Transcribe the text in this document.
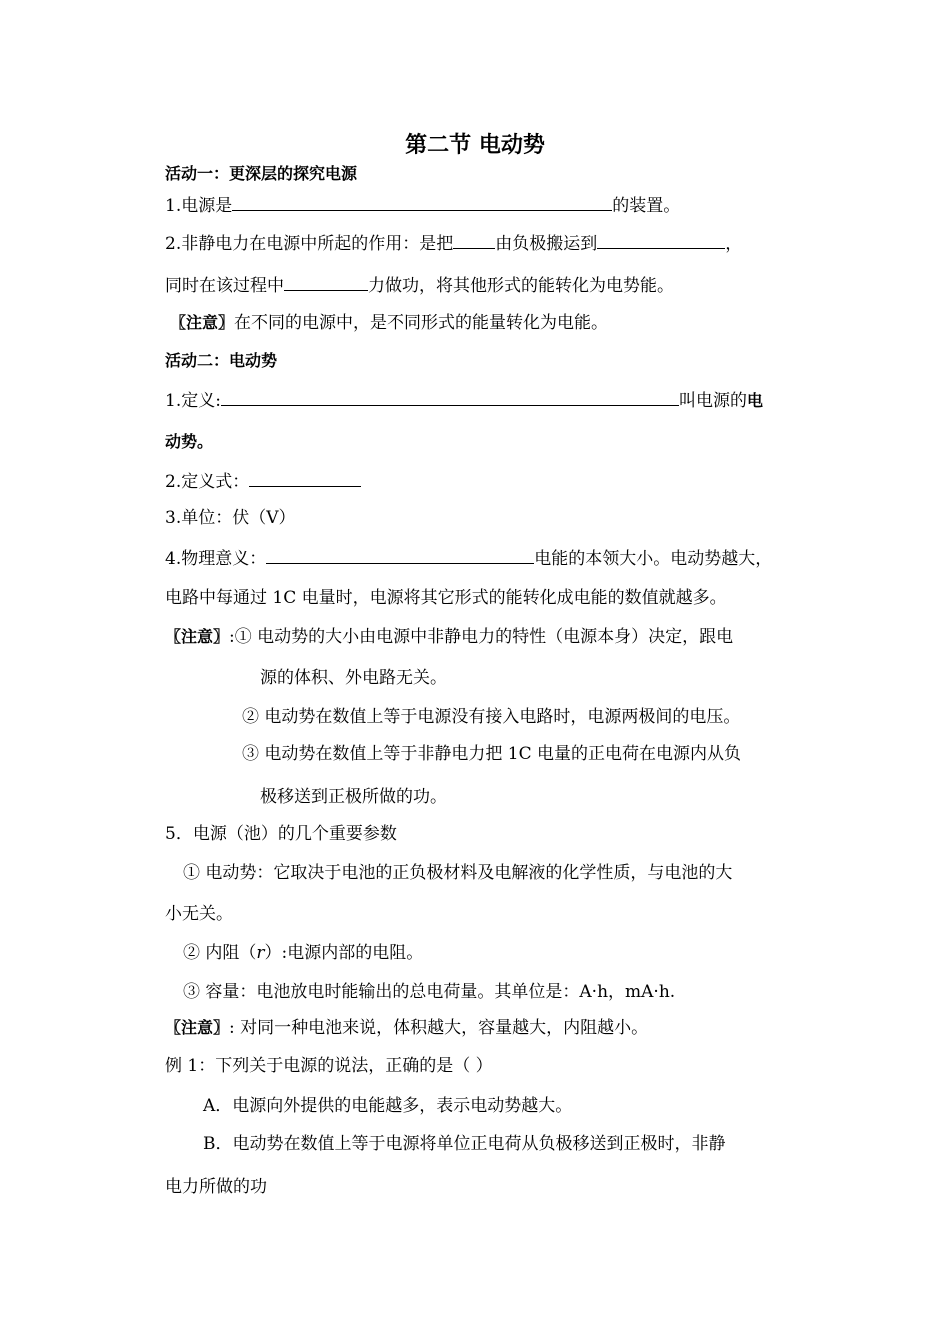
第二节 电动势
活动一：更深层的探究电源
1.电源是	的装置。
2.非静电力在电源中所起的作用：是把 由负极搬运到	，
同时在该过程中	力做功，将其他形式的能转化为电势能。
〖注意〗在不同的电源中，是不同形式的能量转化为电能。
活动二：电动势
1.定义:	叫电源的电
动势。
2.定义式：
3.单位：伏（V）
4.物理意义：	电能的本领大小。电动势越大，
电路中每通过 1C 电量时，电源将其它形式的能转化成电能的数值就越多。
〖注意〗:① 电动势的大小由电源中非静电力的特性（电源本身）决定，跟电
源的体积、外电路无关。
② 电动势在数值上等于电源没有接入电路时，电源两极间的电压。
③ 电动势在数值上等于非静电力把 1C 电量的正电荷在电源内从负
极移送到正极所做的功。
5．电源（池）的几个重要参数
① 电动势：它取决于电池的正负极材料及电解液的化学性质，与电池的大
小无关。
② 内阻（r）:电源内部的电阻。
③ 容量：电池放电时能输出的总电荷量。其单位是：A·h，mA·h.
〖注意〗: 对同一种电池来说，体积越大，容量越大，内阻越小。
例 1：下列关于电源的说法，正确的是（ ）
A．电源向外提供的电能越多，表示电动势越大。
B．电动势在数值上等于电源将单位正电荷从负极移送到正极时，非静
电力所做的功
